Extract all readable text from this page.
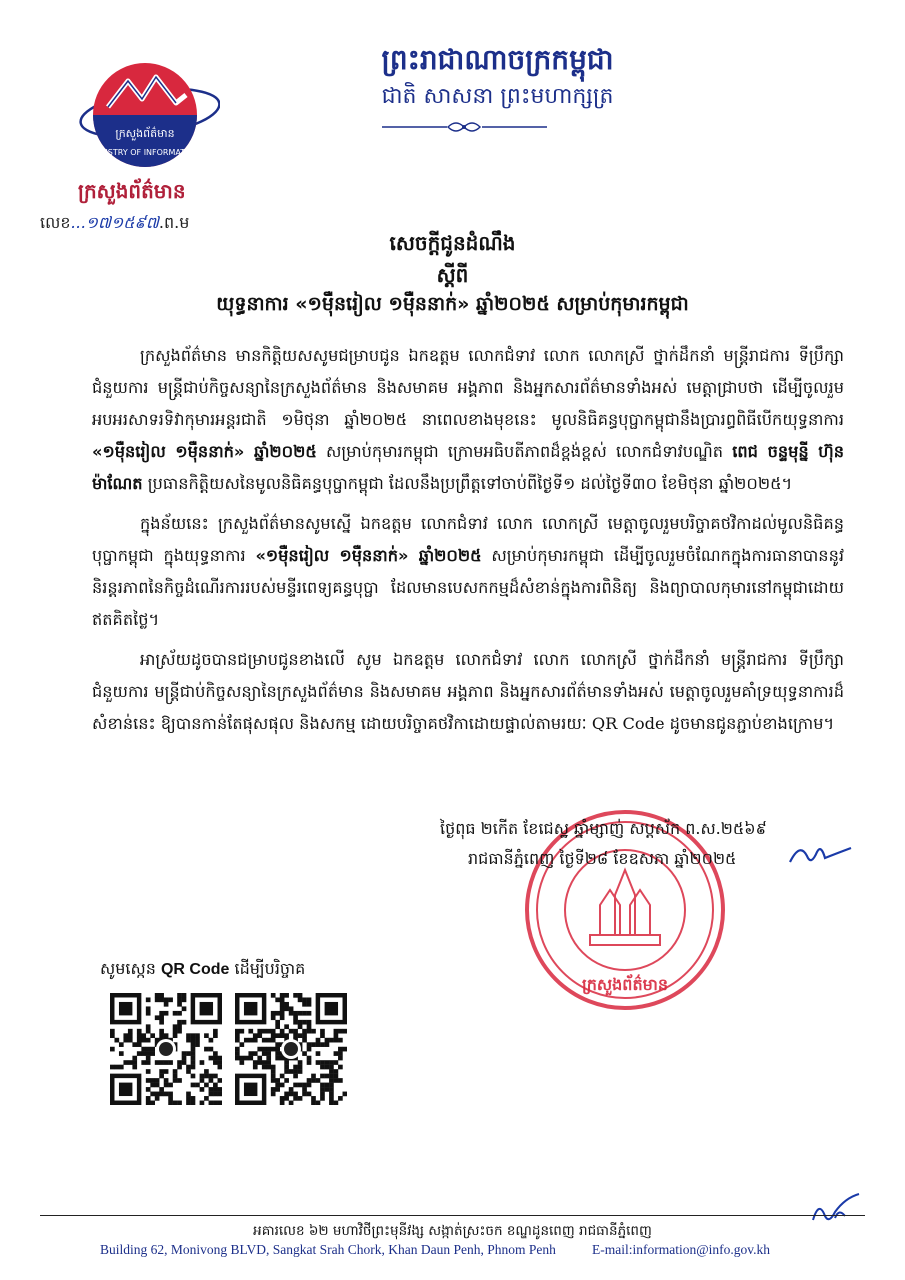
ក្រសួងព័ត៌មាន
MINISTRY OF INFORMATION
ក្រសួងព័ត៌មាន
លេខ...១៧១៥៩៧.ព.ម
ព្រះរាជាណាចក្រកម្ពុជា
ជាតិ សាសនា ព្រះមហាក្សត្រ
សេចក្តីជូនដំណឹង
ស្តីពី
យុទ្ធនាការ «១ម៉ឺនរៀល ១ម៉ឺននាក់» ឆ្នាំ២០២៥ សម្រាប់កុមារកម្ពុជា

ក្រសួងព័ត៌មាន មានកិត្តិយសសូមជម្រាបជូន ឯកឧត្តម លោកជំទាវ លោក លោកស្រី ថ្នាក់ដឹកនាំ មន្ត្រីរាជការ ទីប្រឹក្សា ជំនួយការ មន្ត្រីជាប់កិច្ចសន្យានៃក្រសួងព័ត៌មាន និងសមាគម អង្គភាព និងអ្នកសារព័ត៌មានទាំងអស់ មេត្តាជ្រាបថា ដើម្បីចូលរួមអបអរសាទរទិវាកុមារអន្តរជាតិ ១មិថុនា ឆ្នាំ២០២៥ នាពេលខាងមុខនេះ មូលនិធិគន្ធបុប្ផាកម្ពុជានឹងប្រារព្ធពិធីបើកយុទ្ធនាការ «១ម៉ឺនរៀល ១ម៉ឺននាក់» ឆ្នាំ២០២៥ សម្រាប់កុមារកម្ពុជា ក្រោមអធិបតីភាពដ៏ខ្ពង់ខ្ពស់ លោកជំទាវបណ្ឌិត ពេជ ចន្ទមុន្នី ហ៊ុន ម៉ាណែត ប្រធានកិត្តិយសនៃមូលនិធិគន្ធបុប្ផាកម្ពុជា ដែលនឹងប្រព្រឹត្តទៅចាប់ពីថ្ងៃទី១ ដល់ថ្ងៃទី៣០ ខែមិថុនា ឆ្នាំ២០២៥។

ក្នុងន័យនេះ ក្រសួងព័ត៌មានសូមស្នើ ឯកឧត្តម លោកជំទាវ លោក លោកស្រី មេត្តាចូលរួមបរិច្ចាគថវិកាដល់មូលនិធិគន្ធបុប្ផាកម្ពុជា ក្នុងយុទ្ធនាការ «១ម៉ឺនរៀល ១ម៉ឺននាក់» ឆ្នាំ២០២៥ សម្រាប់កុមារកម្ពុជា ដើម្បីចូលរួមចំណែកក្នុងការធានាបាននូវនិរន្តរភាពនៃកិច្ចដំណើរការរបស់មន្ទីរពេទ្យគន្ធបុប្ផា ដែលមានបេសកកម្មដ៏សំខាន់ក្នុងការពិនិត្យ និងព្យាបាលកុមារនៅកម្ពុជាដោយឥតគិតថ្លៃ។

អាស្រ័យដូចបានជម្រាបជូនខាងលើ សូម ឯកឧត្តម លោកជំទាវ លោក លោកស្រី ថ្នាក់ដឹកនាំ មន្ត្រីរាជការ ទីប្រឹក្សា ជំនួយការ មន្ត្រីជាប់កិច្ចសន្យានៃក្រសួងព័ត៌មាន និងសមាគម អង្គភាព និងអ្នកសារព័ត៌មានទាំងអស់ មេត្តាចូលរួមគាំទ្រយុទ្ធនាការដ៏សំខាន់នេះ ឱ្យបានកាន់តែផុសផុល និងសកម្ម ដោយបរិច្ចាគថវិកាដោយផ្ទាល់តាមរយៈ QR Code ដូចមានជូនភ្ជាប់ខាងក្រោម។

ក្រសួងព័ត៌មាន
ថ្ងៃពុធ ២កើត ខែជេស្ឋ ឆ្នាំម្សាញ់ សប្តស័ក ព.ស.២៥៦៩
រាជធានីភ្នំពេញ ថ្ងៃទី២៨ ខែឧសភា ឆ្នាំ២០២៥
សូមស្កេន QR Code ដើម្បីបរិច្ចាគ
អគារលេខ ៦២ មហាវិថីព្រះមុនីវង្ស សង្កាត់ស្រះចក ខណ្ឌដូនពេញ រាជធានីភ្នំពេញ
Building 62, Monivong BLVD, Sangkat Srah Chork, Khan Daun Penh, Phnom Penh	E-mail:information@info.gov.kh
